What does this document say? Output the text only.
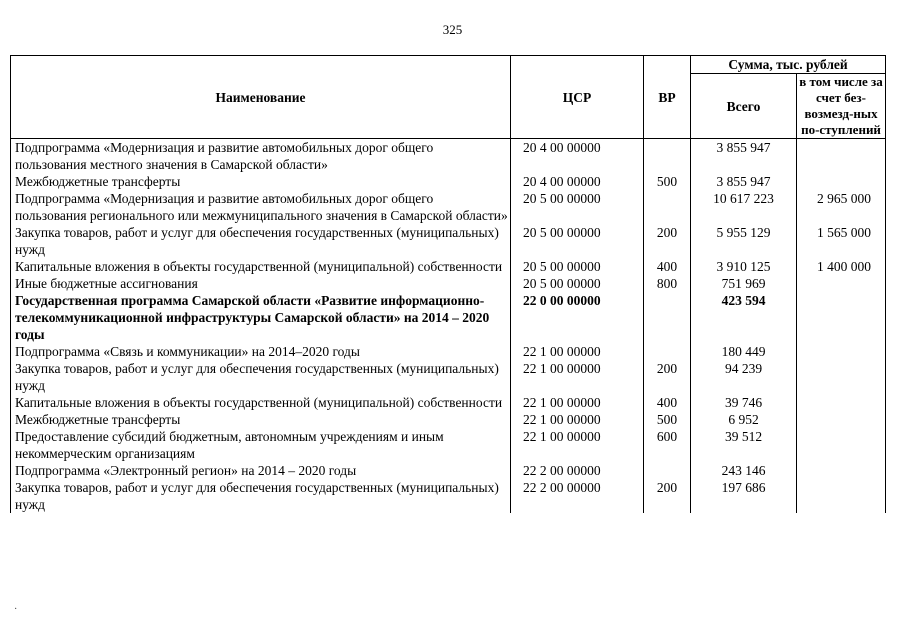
325
Наименование	ЦСР	ВР	Сумма, тыс. рублей	
			Всего	в том числе за счет без-возмезд-ных по-ступлений
Подпрограмма «Модернизация и развитие автомобильных дорог общего пользования местного значения в Самарской области»	20 4 00 00000		3 855 947	
Межбюджетные трансферты	20 4 00 00000	500	3 855 947	
Подпрограмма «Модернизация и развитие автомобильных дорог общего пользования регионального или межмуниципального значения в Самарской области»	20 5 00 00000		10 617 223	2 965 000
Закупка товаров, работ и услуг для обеспечения государственных (муниципальных) нужд	20 5 00 00000	200	5 955 129	1 565 000
Капитальные вложения в объекты государственной (муниципальной) собственности	20 5 00 00000	400	3 910 125	1 400 000
Иные бюджетные ассигнования	20 5 00 00000	800	751 969	
Государственная программа Самарской области «Развитие информационно-телекоммуникационной инфраструктуры Самарской области» на 2014 – 2020 годы	22 0 00 00000		423 594	
Подпрограмма «Связь и коммуникации» на 2014–2020 годы	22 1 00 00000		180 449	
Закупка товаров, работ и услуг для обеспечения государственных (муниципальных) нужд	22 1 00 00000	200	94 239	
Капитальные вложения в объекты государственной (муниципальной) собственности	22 1 00 00000	400	39 746	
Межбюджетные трансферты	22 1 00 00000	500	6 952	
Предоставление субсидий бюджетным, автономным учреждениям и иным некоммерческим организациям	22 1 00 00000	600	39 512	
Подпрограмма «Электронный регион» на 2014 – 2020 годы	22 2 00 00000		243 146	
Закупка товаров, работ и услуг для обеспечения государственных (муниципальных) нужд	22 2 00 00000	200	197 686	
·
